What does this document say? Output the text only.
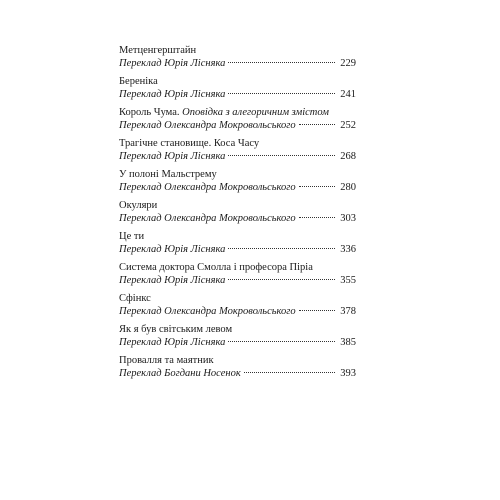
Метценгерштайн
Переклад Юрія Лісняка	229
Береніка
Переклад Юрія Лісняка	241
Король Чума. Оповідка з алегоричним змістом
Переклад Олександра Мокровольського	252
Трагічне становище. Коса Часу
Переклад Юрія Лісняка	268
У полоні Мальстрему
Переклад Олександра Мокровольського	280
Окуляри
Переклад Олександра Мокровольського	303
Це ти
Переклад Юрія Лісняка	336
Система доктора Смолла і професора Піріа
Переклад Юрія Лісняка	355
Сфінкс
Переклад Олександра Мокровольського	378
Як я був світським левом
Переклад Юрія Лісняка	385
Провалля та маятник
Переклад Богдани Носенок	393
